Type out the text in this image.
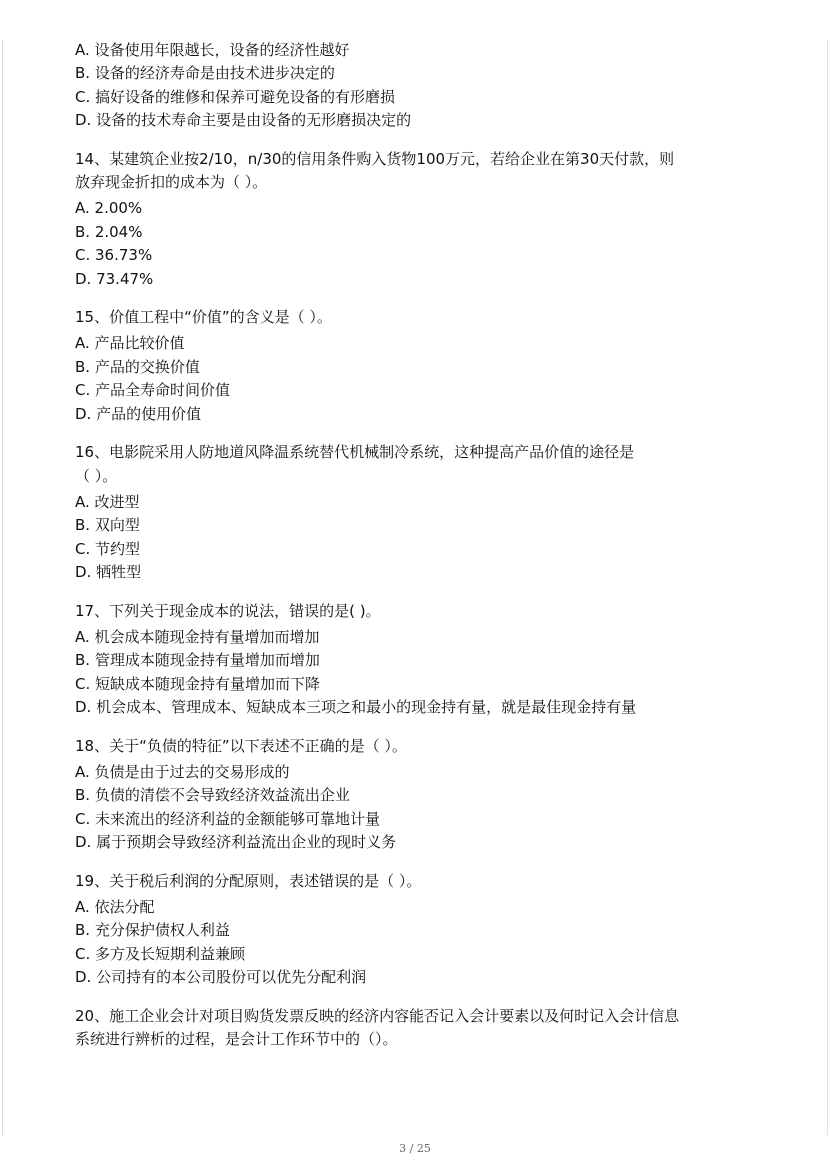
A. 设备使用年限越长，设备的经济性越好
B. 设备的经济寿命是由技术进步决定的
C. 搞好设备的维修和保养可避免设备的有形磨损
D. 设备的技术寿命主要是由设备的无形磨损决定的
14、某建筑企业按2/10，n/30的信用条件购入货物100万元，若给企业在第30天付款，则
放弃现金折扣的成本为（ ）。
A. 2.00%
B. 2.04%
C. 36.73%
D. 73.47%
15、价值工程中“价值”的含义是（ ）。
A. 产品比较价值
B. 产品的交换价值
C. 产品全寿命时间价值
D. 产品的使用价值
16、电影院采用人防地道风降温系统替代机械制冷系统，这种提高产品价值的途径是
（ ）。
A. 改进型
B. 双向型
C. 节约型
D. 牺牲型
17、下列关于现金成本的说法，错误的是( )。
A. 机会成本随现金持有量增加而增加
B. 管理成本随现金持有量增加而增加
C. 短缺成本随现金持有量增加而下降
D. 机会成本、管理成本、短缺成本三项之和最小的现金持有量，就是最佳现金持有量
18、关于“负债的特征”以下表述不正确的是（ ）。
A. 负债是由于过去的交易形成的
B. 负债的清偿不会导致经济效益流出企业
C. 未来流出的经济利益的金额能够可靠地计量
D. 属于预期会导致经济利益流出企业的现时义务
19、关于税后利润的分配原则，表述错误的是（ ）。
A. 依法分配
B. 充分保护债权人利益
C. 多方及长短期利益兼顾
D. 公司持有的本公司股份可以优先分配利润
20、施工企业会计对项目购货发票反映的经济内容能否记入会计要素以及何时记入会计信息
系统进行辨析的过程，是会计工作环节中的（）。
3 / 25
